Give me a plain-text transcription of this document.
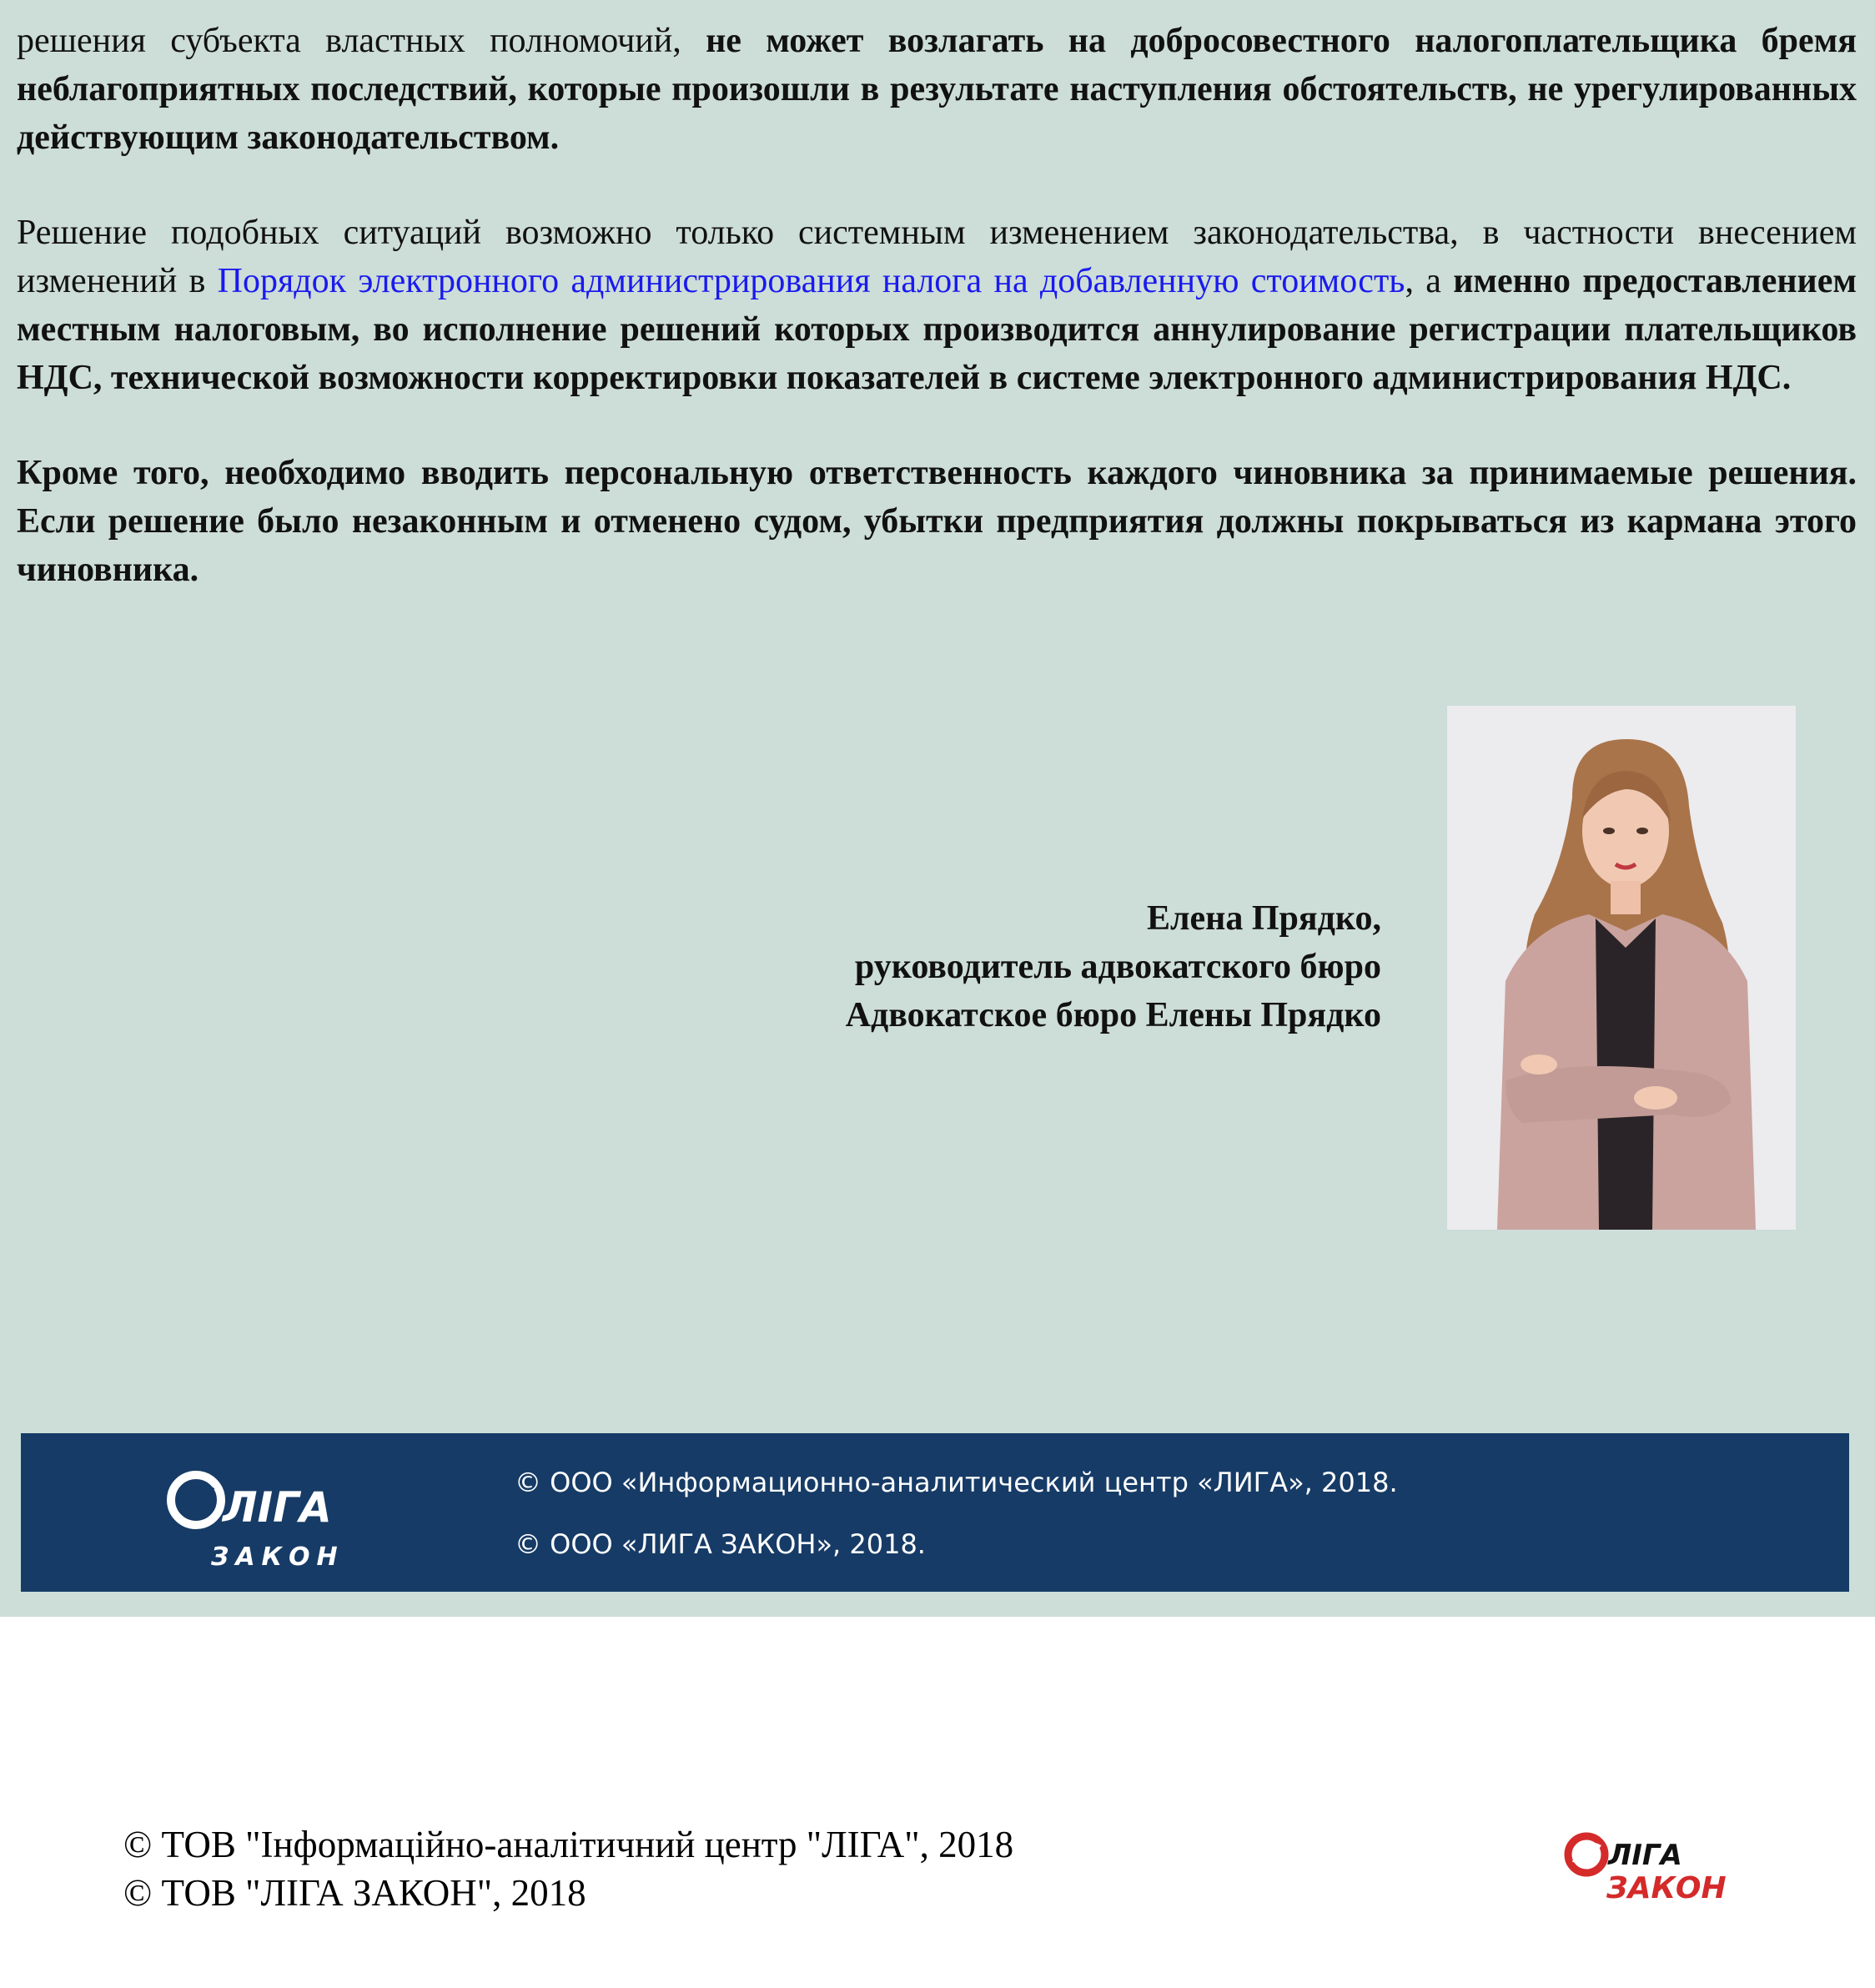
решения субъекта властных полномочий, не может возлагать на добросовестного налогоплательщика бремя неблагоприятных последствий, которые произошли в результате наступления обстоятельств, не урегулированных действующим законодательством.

Решение подобных ситуаций возможно только системным изменением законодательства, в частности внесением изменений в Порядок электронного администрирования налога на добавленную стоимость, а именно предоставлением местным налоговым, во исполнение решений которых производится аннулирование регистрации плательщиков НДС, технической возможности корректировки показателей в системе электронного администрирования НДС.

Кроме того, необходимо вводить персональную ответственность каждого чиновника за принимаемые решения. Если решение было незаконным и отменено судом, убытки предприятия должны покрываться из кармана этого чиновника.

Елена Прядко,
руководитель адвокатского бюро
Адвокатское бюро Елены Прядко
ЛІГА
ЗАКОН
© ООО «Информационно-аналитический центр «ЛИГА», 2018.
© ООО «ЛИГА ЗАКОН», 2018.
© ТОВ "Інформаційно-аналітичний центр "ЛІГА", 2018
© ТОВ "ЛІГА ЗАКОН", 2018
ЛІГА
ЗАКОН
